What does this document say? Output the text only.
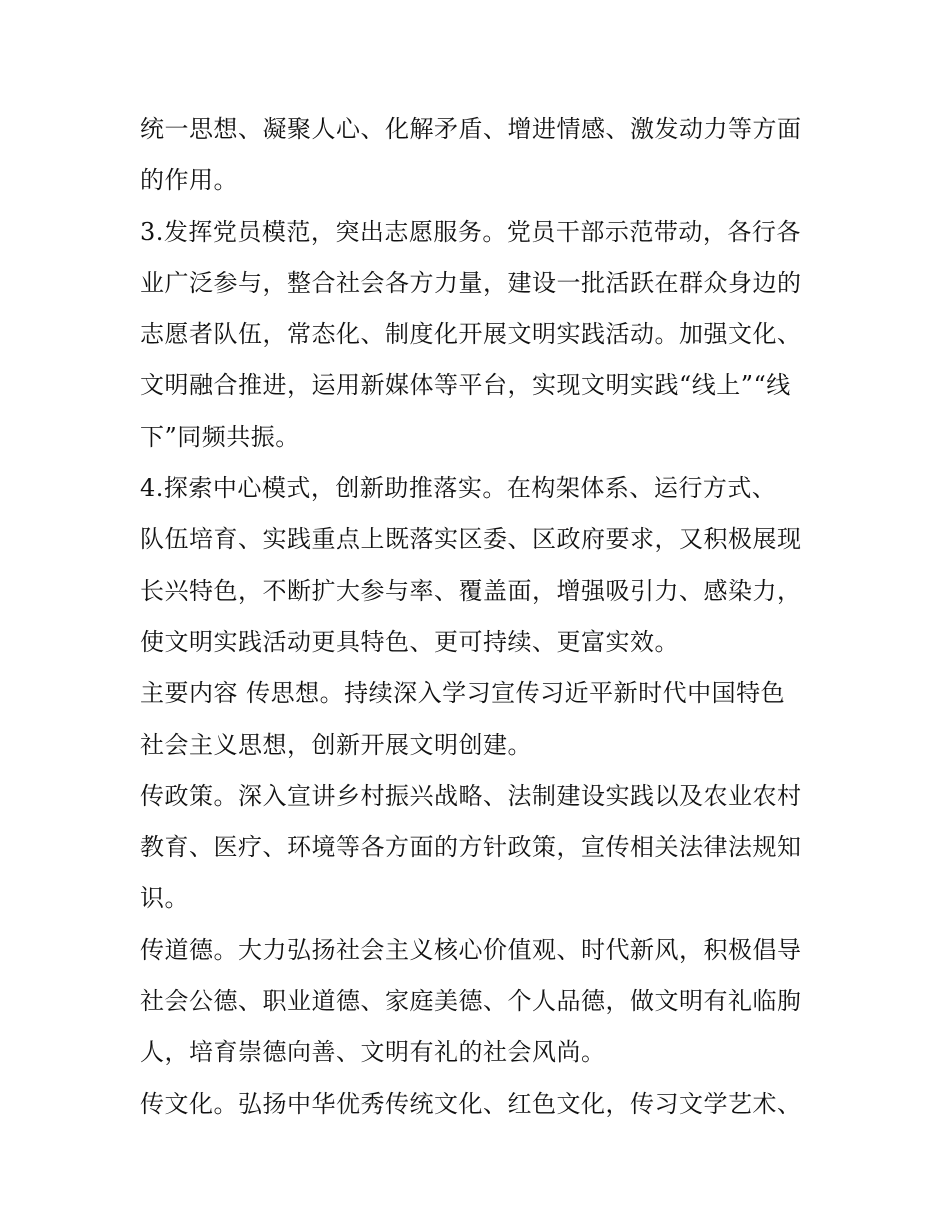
统一思想、凝聚人心、化解矛盾、增进情感、激发动力等方面
的作用。
3.发挥党员模范，突出志愿服务。党员干部示范带动，各行各
业广泛参与，整合社会各方力量，建设一批活跃在群众身边的
志愿者队伍，常态化、制度化开展文明实践活动。加强文化、
文明融合推进，运用新媒体等平台，实现文明实践“线上”“线
下”同频共振。
4.探索中心模式，创新助推落实。在构架体系、运行方式、
队伍培育、实践重点上既落实区委、区政府要求，又积极展现
长兴特色，不断扩大参与率、覆盖面，增强吸引力、感染力，
使文明实践活动更具特色、更可持续、更富实效。
主要内容 传思想。持续深入学习宣传习近平新时代中国特色
社会主义思想，创新开展文明创建。
传政策。深入宣讲乡村振兴战略、法制建设实践以及农业农村
教育、医疗、环境等各方面的方针政策，宣传相关法律法规知
识。
传道德。大力弘扬社会主义核心价值观、时代新风，积极倡导
社会公德、职业道德、家庭美德、个人品德，做文明有礼临朐
人，培育崇德向善、文明有礼的社会风尚。
传文化。弘扬中华优秀传统文化、红色文化，传习文学艺术、
